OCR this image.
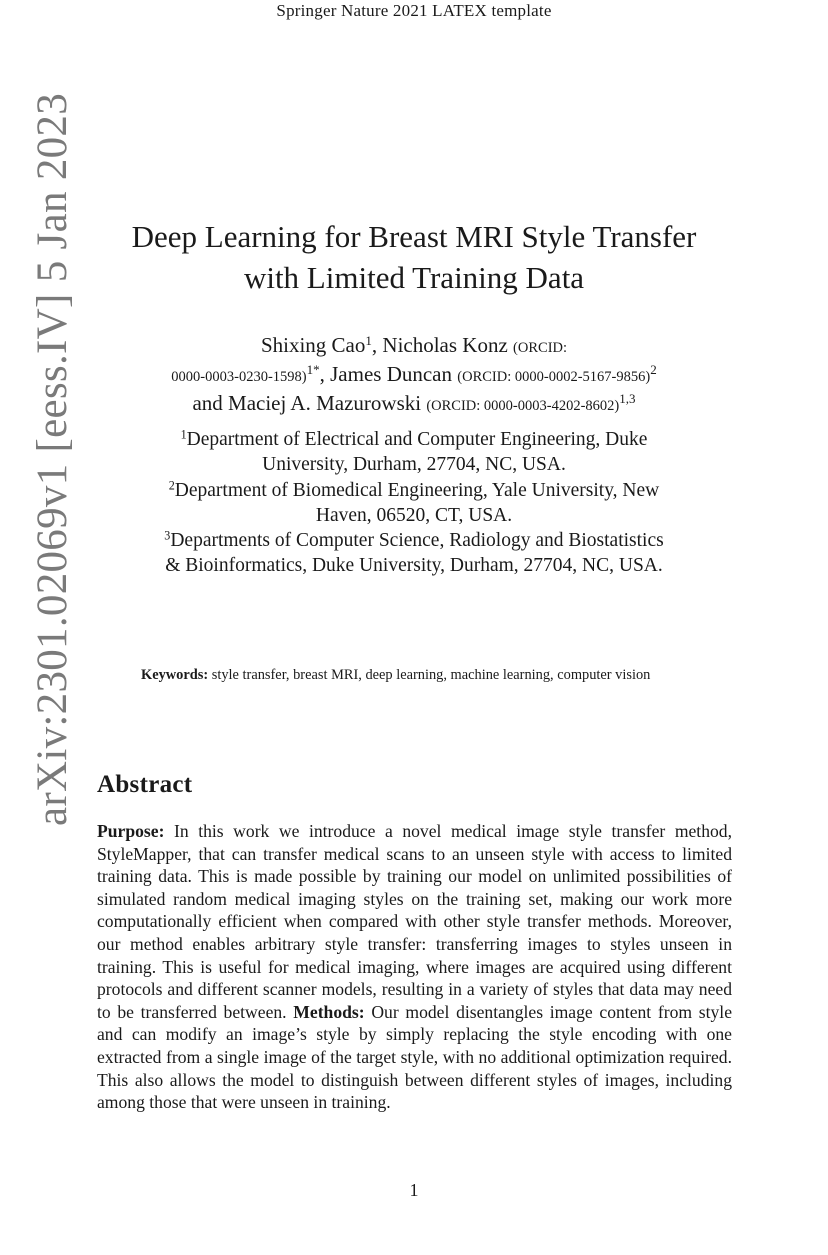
Springer Nature 2021 LATEX template
arXiv:2301.02069v1 [eess.IV] 5 Jan 2023	Deep Learning for Breast MRI Style Transfer
with Limited Training Data
Shixing Cao$^1$, Nicholas Konz (ORCID:
0000-0003-0230-1598)$^{1*}$, James Duncan (ORCID: 0000-0002-5167-9856)$^2$
and Maciej A. Mazurowski (ORCID: 0000-0003-4202-8602)$^{1,3}$
$^1$Department of Electrical and Computer Engineering, Duke
University, Durham, 27704, NC, USA.
$^2$Department of Biomedical Engineering, Yale University, New
Haven, 06520, CT, USA.
$^3$Departments of Computer Science, Radiology and Biostatistics
& Bioinformatics, Duke University, Durham, 27704, NC, USA.
Keywords: style transfer, breast MRI, deep learning, machine learning, computer vision
Abstract
Purpose: In this work we introduce a novel medical image style transfer method, StyleMapper, that can transfer medical scans to an unseen style with access to limited training data. This is made possible by training our model on unlimited possibilities of simulated random medical imaging styles on the training set, making our work more computationally efficient when compared with other style transfer methods. Moreover, our method enables arbitrary style transfer: transferring images to styles unseen in training. This is useful for medical imaging, where images are acquired using different protocols and different scanner models, resulting in a variety of styles that data may need to be transferred between. Methods: Our model disentangles image content from style and can modify an image’s style by simply replacing the style encoding with one extracted from a single image of the target style, with no additional optimization required. This also allows the model to distinguish between different styles of images, including among those that were unseen in training.
1
